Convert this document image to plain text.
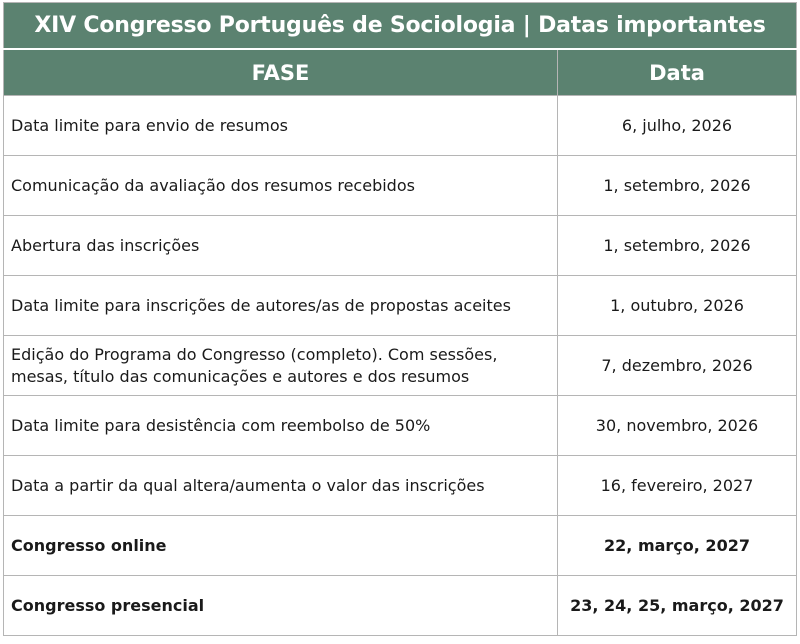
XIV Congresso Português de Sociologia | Datas importantes	
FASE	Data
Data limite para envio de resumos	6, julho, 2026
Comunicação da avaliação dos resumos recebidos	1, setembro, 2026
Abertura das inscrições	1, setembro, 2026
Data limite para inscrições de autores/as de propostas aceites	1, outubro, 2026
Edição do Programa do Congresso (completo). Com sessões, mesas, título das comunicações e autores e dos resumos	7, dezembro, 2026
Data limite para desistência com reembolso de 50%	30, novembro, 2026
Data a partir da qual altera/aumenta o valor das inscrições	16, fevereiro, 2027
Congresso online	22, março, 2027
Congresso presencial	23, 24, 25, março, 2027
